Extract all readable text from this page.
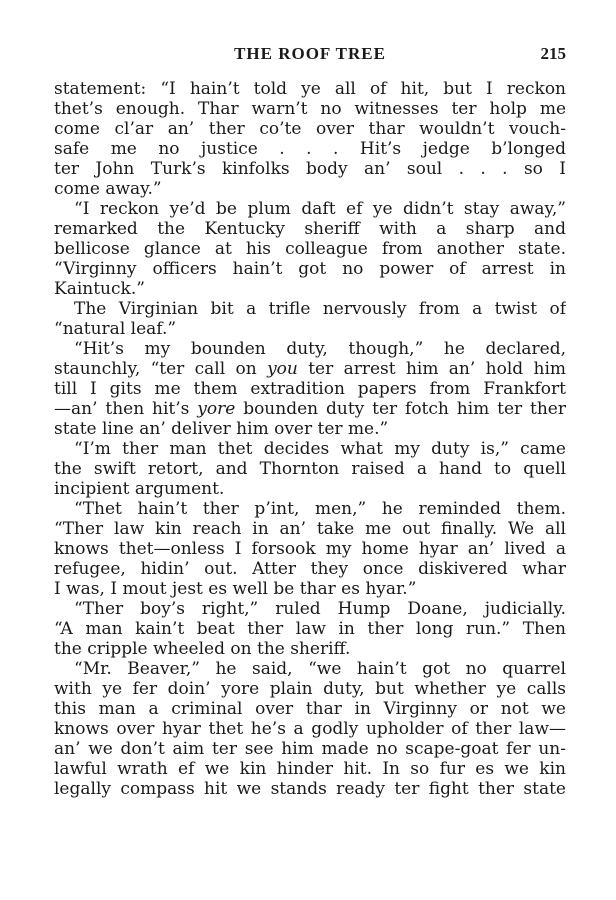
THE ROOF TREE	215
statement: “I hain’t told ye all of hit, but I reckon
thet’s enough. Thar warn’t no witnesses ter holp me
come cl’ar an’ ther co’te over thar wouldn’t vouch-
safe me no justice . . . Hit’s jedge b’longed
ter John Turk’s kinfolks body an’ soul . . . so I
come away.”
“I reckon ye’d be plum daft ef ye didn’t stay away,”
remarked the Kentucky sheriff with a sharp and
bellicose glance at his colleague from another state.
“Virginny officers hain’t got no power of arrest in
Kaintuck.”
The Virginian bit a trifle nervously from a twist of
“natural leaf.”
“Hit’s my bounden duty, though,” he declared,
staunchly, “ter call on you ter arrest him an’ hold him
till I gits me them extradition papers from Frankfort
—an’ then hit’s yore bounden duty ter fotch him ter ther
state line an’ deliver him over ter me.”
“I’m ther man thet decides what my duty is,” came
the swift retort, and Thornton raised a hand to quell
incipient argument.
“Thet hain’t ther p’int, men,” he reminded them.
“Ther law kin reach in an’ take me out finally. We all
knows thet—onless I forsook my home hyar an’ lived a
refugee, hidin’ out. Atter they once diskivered whar
I was, I mout jest es well be thar es hyar.”
“Ther boy’s right,” ruled Hump Doane, judicially.
“A man kain’t beat ther law in ther long run.” Then
the cripple wheeled on the sheriff.
“Mr. Beaver,” he said, “we hain’t got no quarrel
with ye fer doin’ yore plain duty, but whether ye calls
this man a criminal over thar in Virginny or not we
knows over hyar thet he’s a godly upholder of ther law—
an’ we don’t aim ter see him made no scape-goat fer un-
lawful wrath ef we kin hinder hit. In so fur es we kin
legally compass hit we stands ready ter fight ther state
